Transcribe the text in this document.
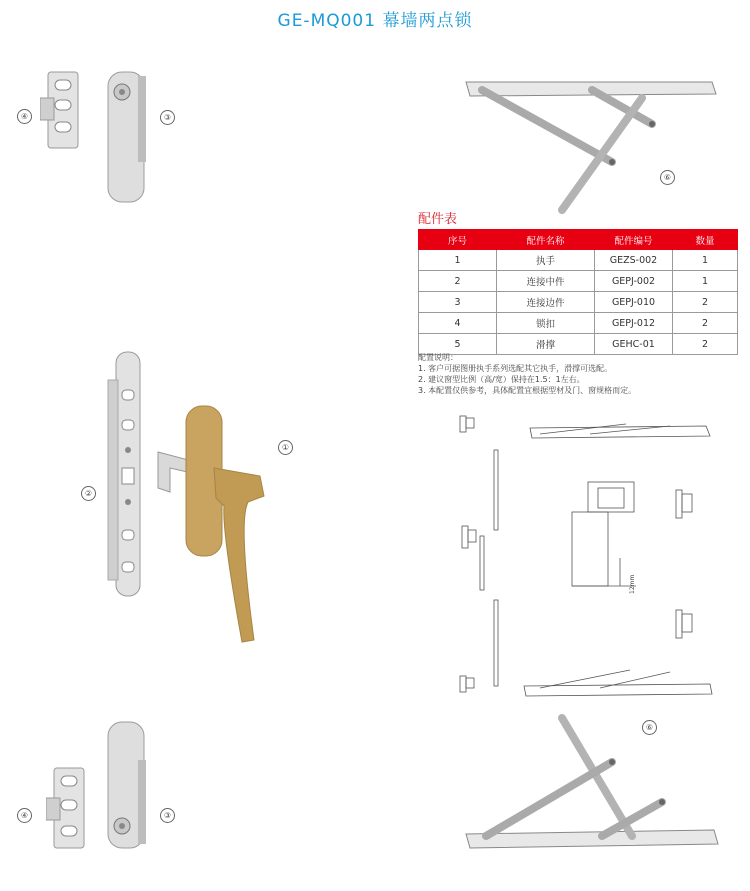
GE-MQ001 幕墙两点锁
④	③
②
①
④	③
⑥
配件表
序号	配件名称	配件编号	数量
1	执手	GEZS-002	1
2	连接中件	GEPJ-002	1
3	连接边件	GEPJ-010	2
4	锁扣	GEPJ-012	2
5	滑撑	GEHC-01	2
配置说明：
1. 客户可据图册执手系列选配其它执手，滑撑可选配。
2. 建议窗型比例（高/宽）保持在1.5：1左右。
3. 本配置仅供参考，具体配置宜根据型材及门、窗规格而定。
12mm
⑥
